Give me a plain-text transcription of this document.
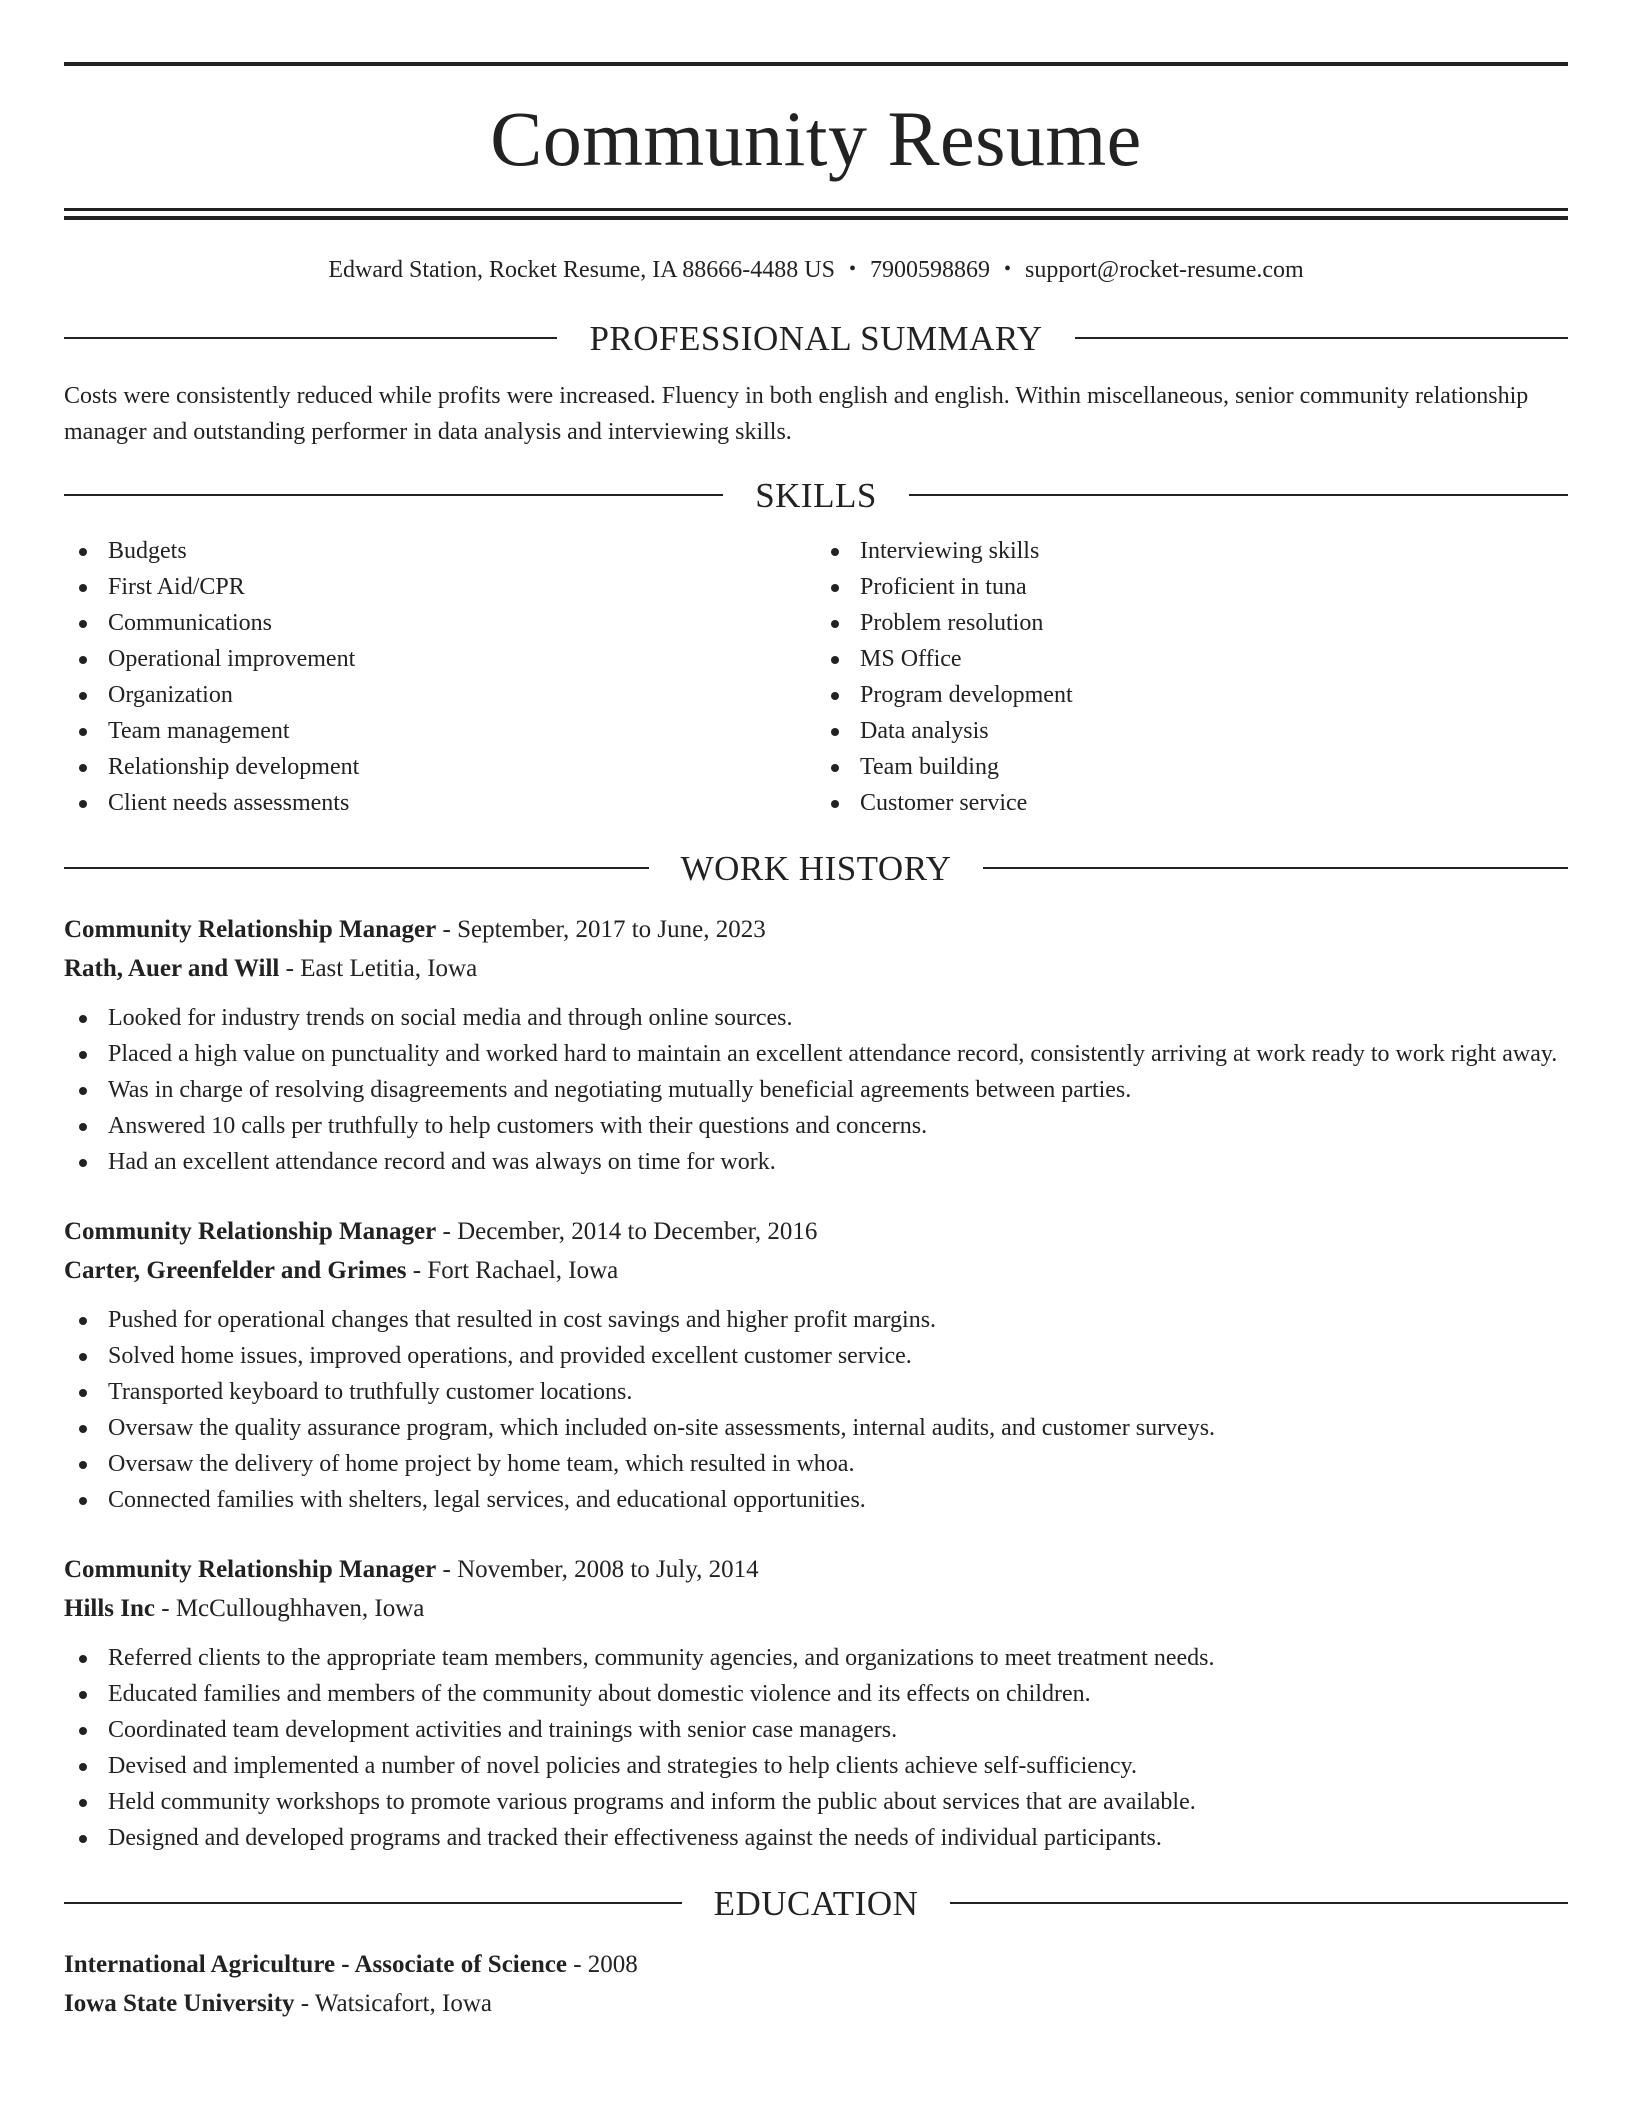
Community Resume
Edward Station, Rocket Resume, IA 88666-4488 US • 7900598869 • support@rocket-resume.com
PROFESSIONAL SUMMARY

Costs were consistently reduced while profits were increased. Fluency in both english and english. Within miscellaneous, senior community relationship manager and outstanding performer in data analysis and interviewing skills.

SKILLS
Budgets
First Aid/CPR
Communications
Operational improvement
Organization
Team management
Relationship development
Client needs assessments
Interviewing skills
Proficient in tuna
Problem resolution
MS Office
Program development
Data analysis
Team building
Customer service
WORK HISTORY
Community Relationship Manager - September, 2017 to June, 2023
Rath, Auer and Will - East Letitia, Iowa
Looked for industry trends on social media and through online sources.
Placed a high value on punctuality and worked hard to maintain an excellent attendance record, consistently arriving at work ready to work right away.
Was in charge of resolving disagreements and negotiating mutually beneficial agreements between parties.
Answered 10 calls per truthfully to help customers with their questions and concerns.
Had an excellent attendance record and was always on time for work.
Community Relationship Manager - December, 2014 to December, 2016
Carter, Greenfelder and Grimes - Fort Rachael, Iowa
Pushed for operational changes that resulted in cost savings and higher profit margins.
Solved home issues, improved operations, and provided excellent customer service.
Transported keyboard to truthfully customer locations.
Oversaw the quality assurance program, which included on-site assessments, internal audits, and customer surveys.
Oversaw the delivery of home project by home team, which resulted in whoa.
Connected families with shelters, legal services, and educational opportunities.
Community Relationship Manager - November, 2008 to July, 2014
Hills Inc - McCulloughhaven, Iowa
Referred clients to the appropriate team members, community agencies, and organizations to meet treatment needs.
Educated families and members of the community about domestic violence and its effects on children.
Coordinated team development activities and trainings with senior case managers.
Devised and implemented a number of novel policies and strategies to help clients achieve self-sufficiency.
Held community workshops to promote various programs and inform the public about services that are available.
Designed and developed programs and tracked their effectiveness against the needs of individual participants.
EDUCATION
International Agriculture - Associate of Science - 2008
Iowa State University - Watsicafort, Iowa
